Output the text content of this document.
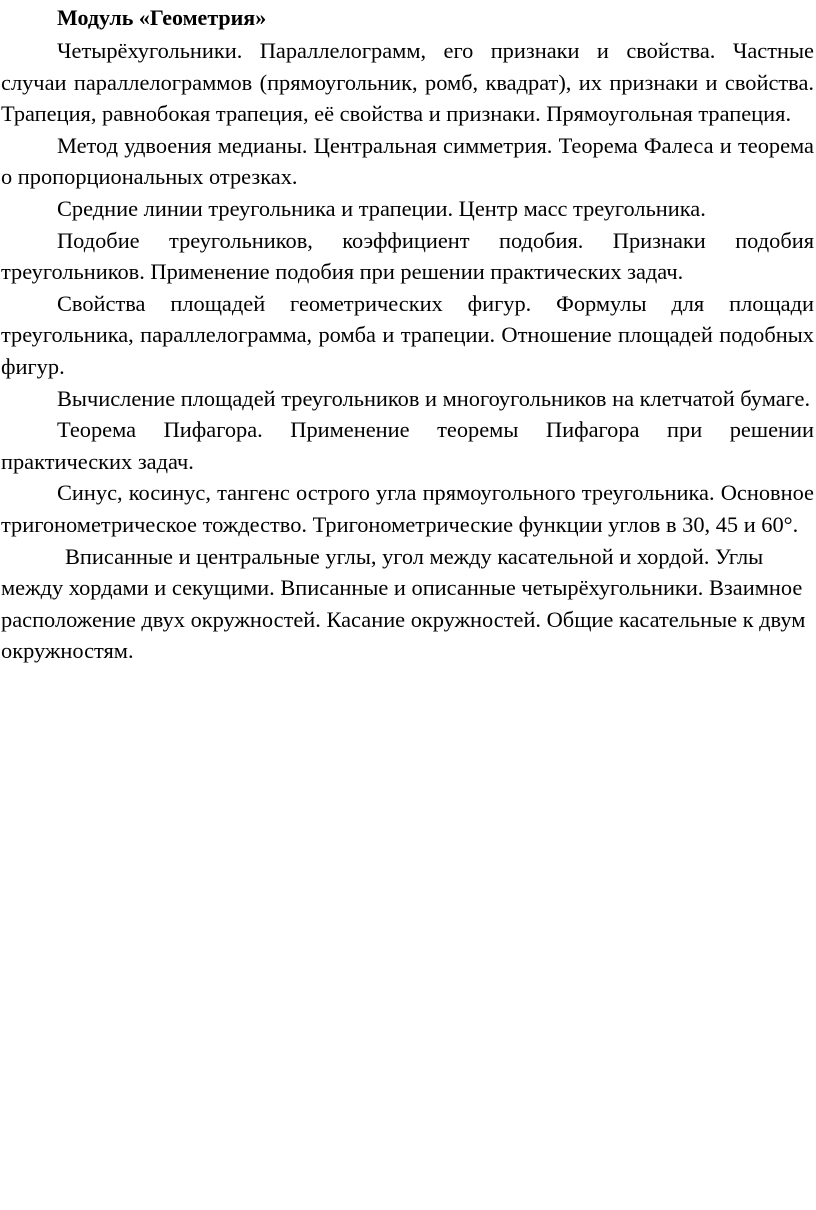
Модуль «Геометрия»

Четырёхугольники. Параллелограмм, его признаки и свойства. Частные случаи параллелограммов (прямоугольник, ромб, квадрат), их признаки и свойства. Трапеция, равнобокая трапеция, её свойства и признаки. Прямоугольная трапеция.

Метод удвоения медианы. Центральная симметрия. Теорема Фалеса и теорема о пропорциональных отрезках.

Средние линии треугольника и трапеции. Центр масс треугольника.

Подобие треугольников, коэффициент подобия. Признаки подобия треугольников. Применение подобия при решении практических задач.

Свойства площадей геометрических фигур. Формулы для площади треугольника, параллелограмма, ромба и трапеции. Отношение площадей подобных фигур.

Вычисление площадей треугольников и многоугольников на клетчатой бумаге.

Теорема Пифагора. Применение теоремы Пифагора при решении практических задач.

Синус, косинус, тангенс острого угла прямоугольного треугольника. Основное тригонометрическое тождество. Тригонометрические функции углов в 30, 45 и 60°.

Вписанные и центральные углы, угол между касательной и хордой. Углы между хордами и секущими. Вписанные и описанные четырёхугольники. Взаимное расположение двух окружностей. Касание окружностей. Общие касательные к двум окружностям.
